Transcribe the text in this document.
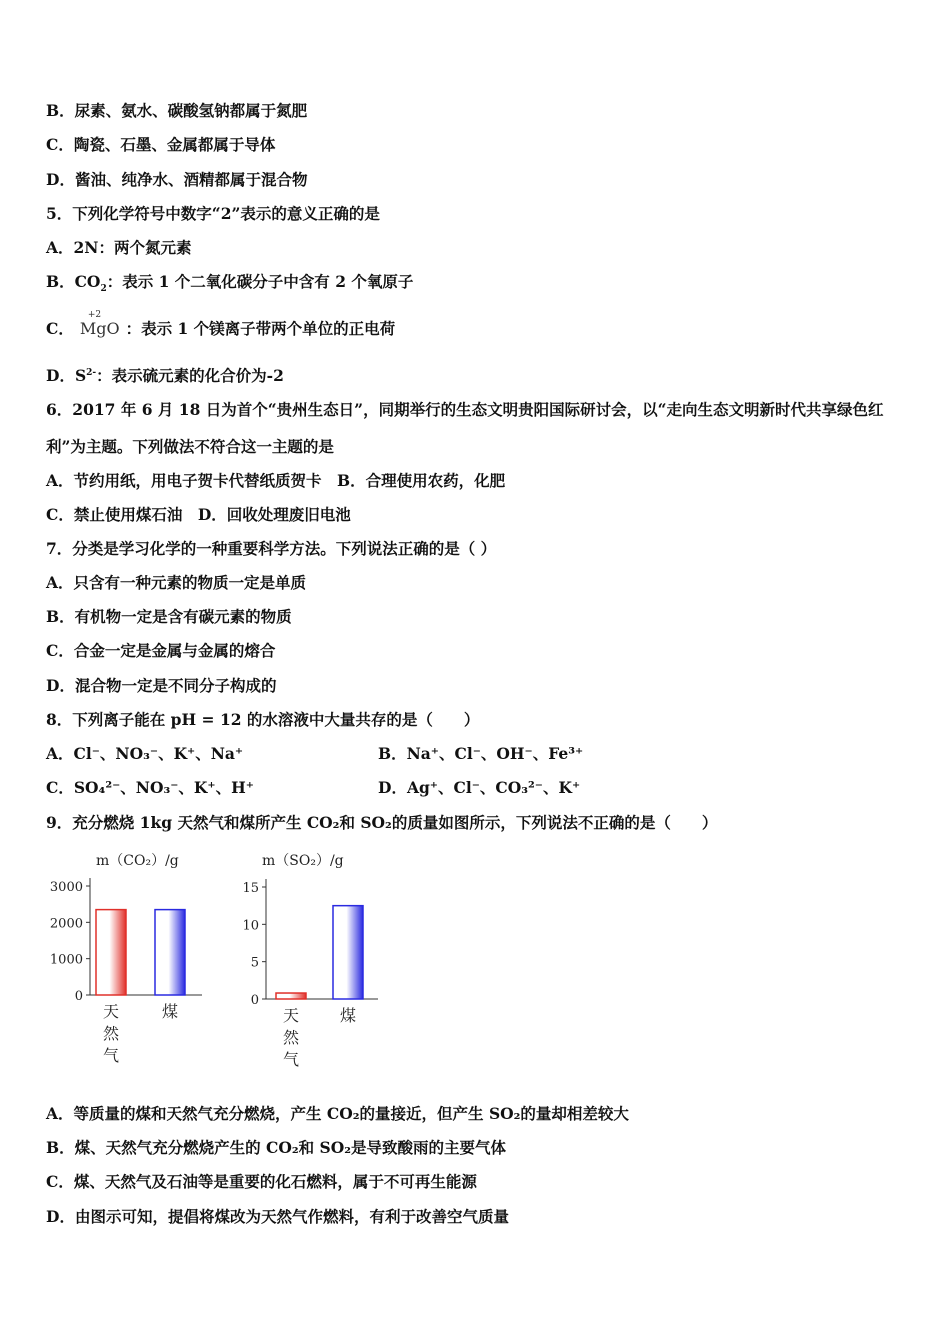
B．尿素、氨水、碳酸氢钠都属于氮肥
C．陶瓷、石墨、金属都属于导体
D．酱油、纯净水、酒精都属于混合物
5．下列化学符号中数字“2”表示的意义正确的是
A．2N：两个氮元素
B．$CO_2$：表示 1 个二氧化碳分子中含有 2 个氧原子
C．
+2
MgO ：表示 1 个镁离子带两个单位的正电荷
D．$S^{2-}$：表示硫元素的化合价为-2
6．2017 年 6 月 18 日为首个“贵州生态日”，同期举行的生态文明贵阳国际研讨会，以“走向生态文明新时代共享绿色红
利”为主题。下列做法不符合这一主题的是
A．节约用纸，用电子贺卡代替纸质贺卡　B．合理使用农药，化肥
C．禁止使用煤石油　D．回收处理废旧电池
7．分类是学习化学的一种重要科学方法。下列说法正确的是（ ）
A．只含有一种元素的物质一定是单质
B．有机物一定是含有碳元素的物质
C．合金一定是金属与金属的熔合
D．混合物一定是不同分子构成的
8．下列离子能在 pH = 12 的水溶液中大量共存的是（　　）
A．Cl⁻、NO₃⁻、K⁺、Na⁺	B．Na⁺、Cl⁻、OH⁻、Fe³⁺
C．SO₄²⁻、NO₃⁻、K⁺、H⁺	D．Ag⁺、Cl⁻、CO₃²⁻、K⁺
9．充分燃烧 1kg 天然气和煤所产生 CO₂和 SO₂的质量如图所示，下列说法不正确的是（　　）
m（CO₂）/g
0
1000
2000
3000
天
然
气
煤
m（SO₂）/g
0
5
10
15
天
然
气
煤
A．等质量的煤和天然气充分燃烧，产生 CO₂的量接近，但产生 SO₂的量却相差较大
B．煤、天然气充分燃烧产生的 CO₂和 SO₂是导致酸雨的主要气体
C．煤、天然气及石油等是重要的化石燃料，属于不可再生能源
D．由图示可知，提倡将煤改为天然气作燃料，有利于改善空气质量
